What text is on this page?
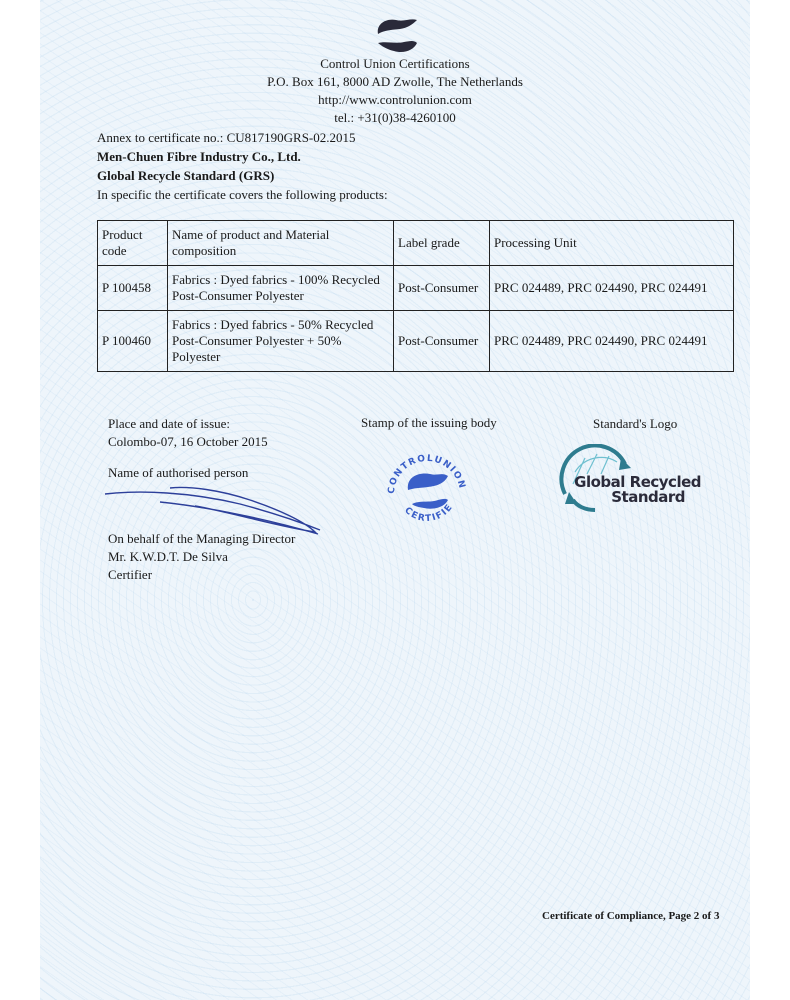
Control Union Certifications
P.O. Box 161, 8000 AD Zwolle, The Netherlands
http://www.controlunion.com
tel.: +31(0)38-4260100
Annex to certificate no.: CU817190GRS-02.2015
Men-Chuen Fibre Industry Co., Ltd.
Global Recycle Standard (GRS)
In specific the certificate covers the following products:
Product code	Name of product and Material composition	Label grade	Processing Unit
P 100458	Fabrics : Dyed fabrics - 100% Recycled Post-Consumer Polyester	Post-Consumer	PRC 024489, PRC 024490, PRC 024491
P 100460	Fabrics : Dyed fabrics - 50% Recycled Post-Consumer Polyester + 50% Polyester	Post-Consumer	PRC 024489, PRC 024490, PRC 024491
Place and date of issue:
Colombo-07, 16 October 2015
Name of authorised person
On behalf of the Managing Director
Mr. K.W.D.T. De Silva
Certifier
Stamp of the issuing body
CONTROLUNION
CERTIFIE
Standard's Logo
Global Recycled
Standard
Certificate of Compliance, Page 2 of 3
